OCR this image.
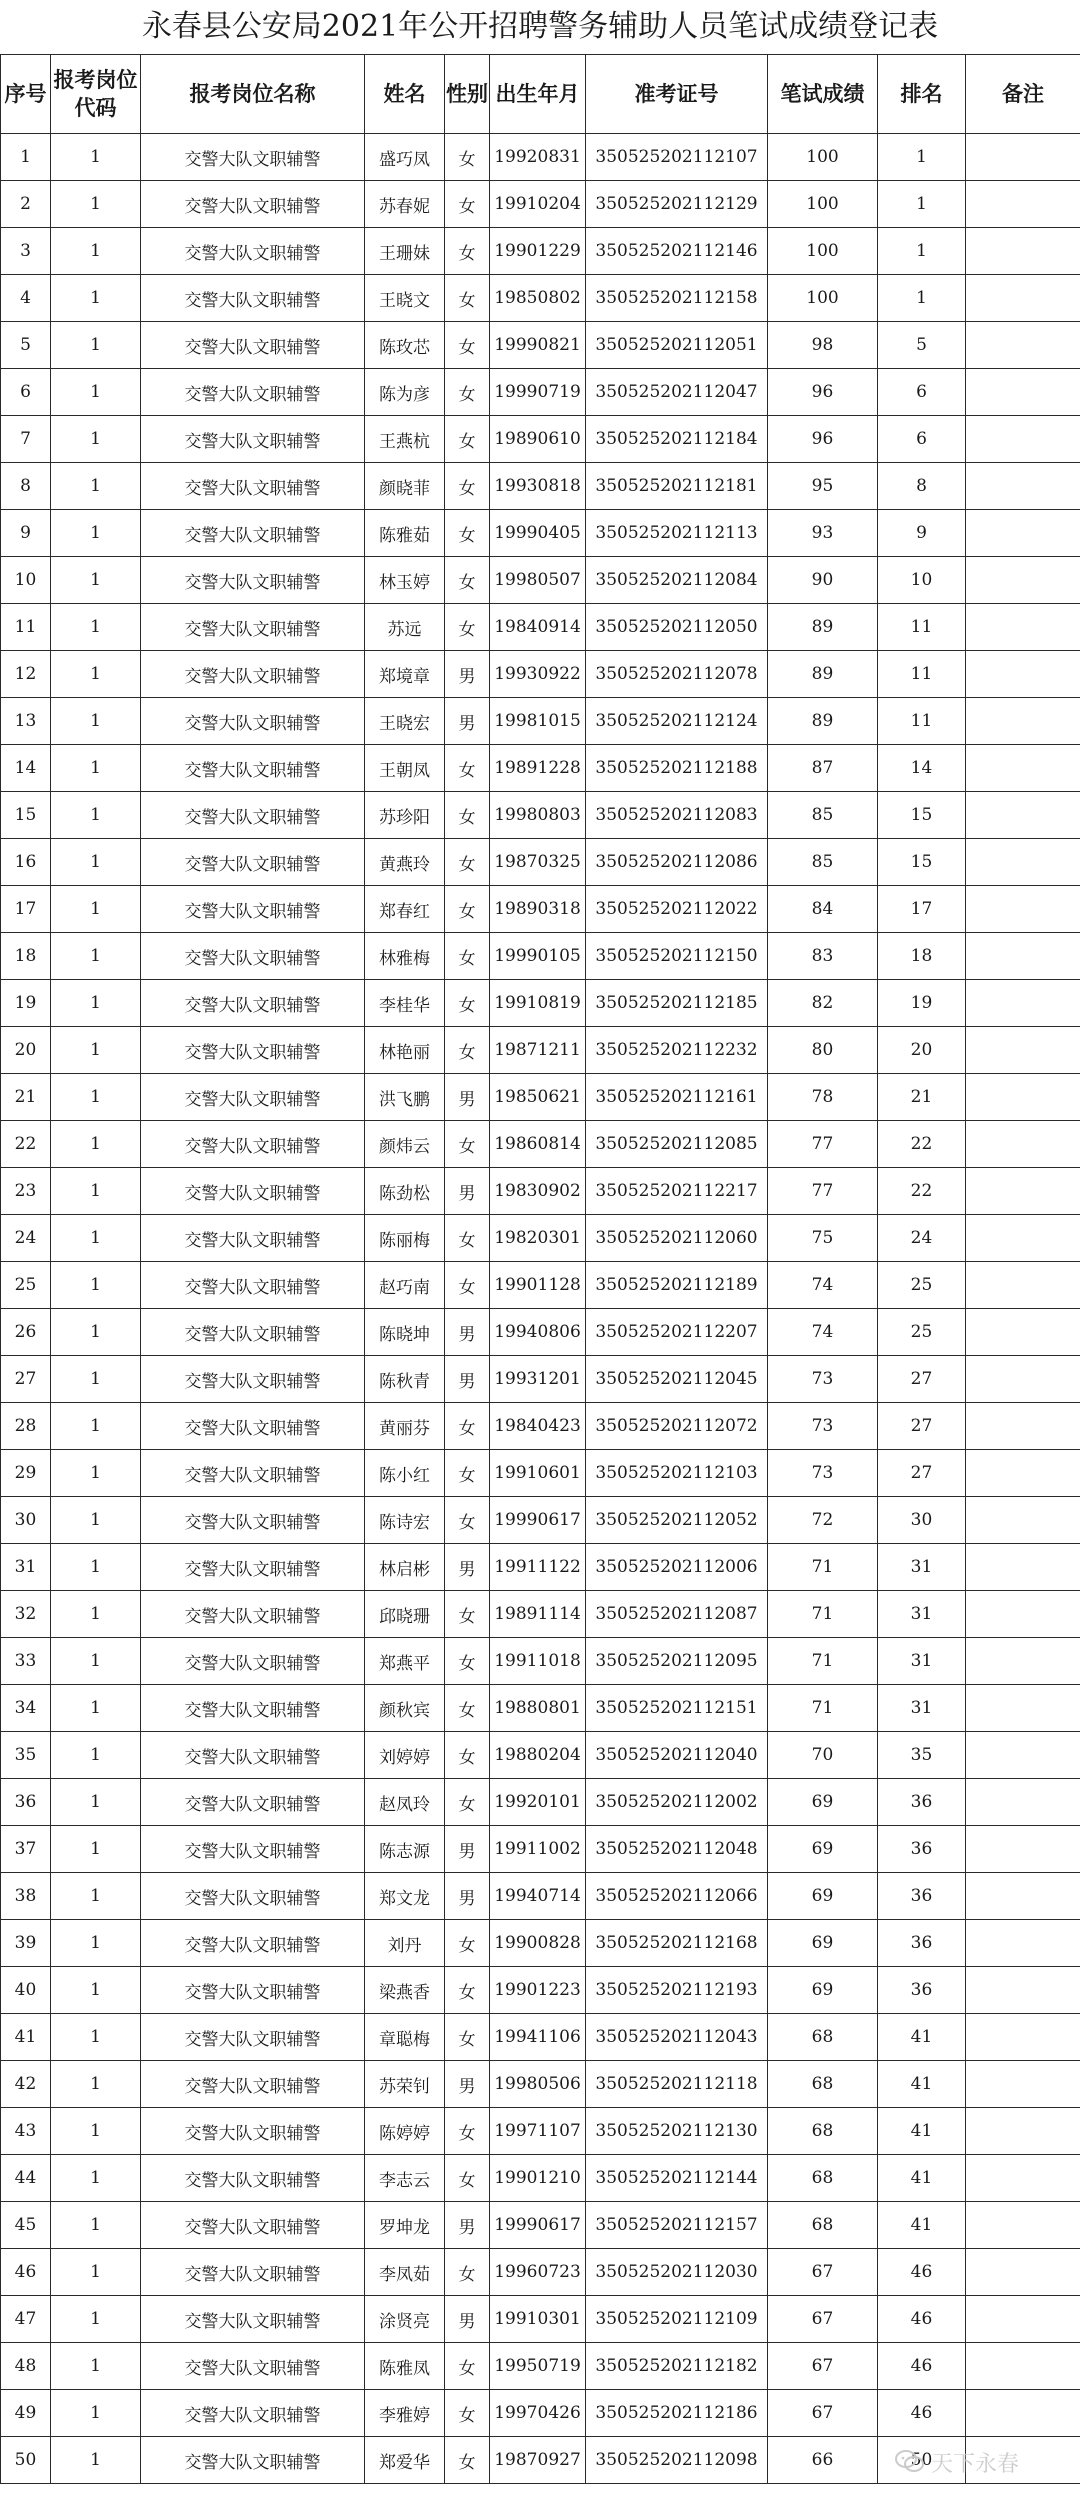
永春县公安局2021年公开招聘警务辅助人员笔试成绩登记表
序号	报考岗位代码	报考岗位名称	姓名	性别	出生年月	准考证号	笔试成绩	排名	备注
1	1	交警大队文职辅警	盛巧凤	女	19920831	350525202112107	100	1	
2	1	交警大队文职辅警	苏春妮	女	19910204	350525202112129	100	1	
3	1	交警大队文职辅警	王珊妹	女	19901229	350525202112146	100	1	
4	1	交警大队文职辅警	王晓文	女	19850802	350525202112158	100	1	
5	1	交警大队文职辅警	陈玫芯	女	19990821	350525202112051	98	5	
6	1	交警大队文职辅警	陈为彦	女	19990719	350525202112047	96	6	
7	1	交警大队文职辅警	王燕杭	女	19890610	350525202112184	96	6	
8	1	交警大队文职辅警	颜晓菲	女	19930818	350525202112181	95	8	
9	1	交警大队文职辅警	陈雅茹	女	19990405	350525202112113	93	9	
10	1	交警大队文职辅警	林玉婷	女	19980507	350525202112084	90	10	
11	1	交警大队文职辅警	苏远	女	19840914	350525202112050	89	11	
12	1	交警大队文职辅警	郑境章	男	19930922	350525202112078	89	11	
13	1	交警大队文职辅警	王晓宏	男	19981015	350525202112124	89	11	
14	1	交警大队文职辅警	王朝凤	女	19891228	350525202112188	87	14	
15	1	交警大队文职辅警	苏珍阳	女	19980803	350525202112083	85	15	
16	1	交警大队文职辅警	黄燕玲	女	19870325	350525202112086	85	15	
17	1	交警大队文职辅警	郑春红	女	19890318	350525202112022	84	17	
18	1	交警大队文职辅警	林雅梅	女	19990105	350525202112150	83	18	
19	1	交警大队文职辅警	李桂华	女	19910819	350525202112185	82	19	
20	1	交警大队文职辅警	林艳丽	女	19871211	350525202112232	80	20	
21	1	交警大队文职辅警	洪飞鹏	男	19850621	350525202112161	78	21	
22	1	交警大队文职辅警	颜炜云	女	19860814	350525202112085	77	22	
23	1	交警大队文职辅警	陈劲松	男	19830902	350525202112217	77	22	
24	1	交警大队文职辅警	陈丽梅	女	19820301	350525202112060	75	24	
25	1	交警大队文职辅警	赵巧南	女	19901128	350525202112189	74	25	
26	1	交警大队文职辅警	陈晓坤	男	19940806	350525202112207	74	25	
27	1	交警大队文职辅警	陈秋青	男	19931201	350525202112045	73	27	
28	1	交警大队文职辅警	黄丽芬	女	19840423	350525202112072	73	27	
29	1	交警大队文职辅警	陈小红	女	19910601	350525202112103	73	27	
30	1	交警大队文职辅警	陈诗宏	女	19990617	350525202112052	72	30	
31	1	交警大队文职辅警	林启彬	男	19911122	350525202112006	71	31	
32	1	交警大队文职辅警	邱晓珊	女	19891114	350525202112087	71	31	
33	1	交警大队文职辅警	郑燕平	女	19911018	350525202112095	71	31	
34	1	交警大队文职辅警	颜秋宾	女	19880801	350525202112151	71	31	
35	1	交警大队文职辅警	刘婷婷	女	19880204	350525202112040	70	35	
36	1	交警大队文职辅警	赵凤玲	女	19920101	350525202112002	69	36	
37	1	交警大队文职辅警	陈志源	男	19911002	350525202112048	69	36	
38	1	交警大队文职辅警	郑文龙	男	19940714	350525202112066	69	36	
39	1	交警大队文职辅警	刘丹	女	19900828	350525202112168	69	36	
40	1	交警大队文职辅警	梁燕香	女	19901223	350525202112193	69	36	
41	1	交警大队文职辅警	章聪梅	女	19941106	350525202112043	68	41	
42	1	交警大队文职辅警	苏荣钊	男	19980506	350525202112118	68	41	
43	1	交警大队文职辅警	陈婷婷	女	19971107	350525202112130	68	41	
44	1	交警大队文职辅警	李志云	女	19901210	350525202112144	68	41	
45	1	交警大队文职辅警	罗坤龙	男	19990617	350525202112157	68	41	
46	1	交警大队文职辅警	李凤茹	女	19960723	350525202112030	67	46	
47	1	交警大队文职辅警	涂贤亮	男	19910301	350525202112109	67	46	
48	1	交警大队文职辅警	陈雅凤	女	19950719	350525202112182	67	46	
49	1	交警大队文职辅警	李雅婷	女	19970426	350525202112186	67	46	
50	1	交警大队文职辅警	郑爱华	女	19870927	350525202112098	66	50	
天下永春
